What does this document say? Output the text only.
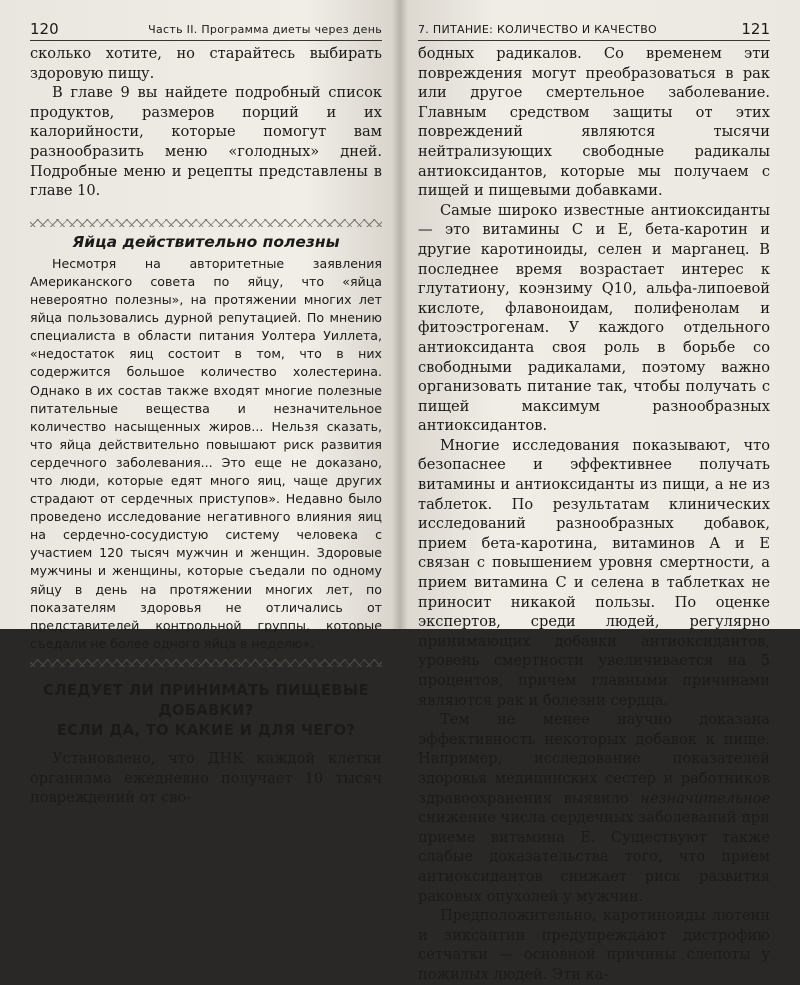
120	Часть II. Программа диеты через день

сколько хотите, но старайтесь выбирать здоровую пищу.

В главе 9 вы найдете подробный список продуктов, размеров порций и их калорийности, которые помогут вам разнообразить меню «голодных» дней. Подробные меню и рецепты представлены в главе 10.

Яйца действительно полезны

Несмотря на авторитетные заявления Американского совета по яйцу, что «яйца невероятно полезны», на протяжении многих лет яйца пользовались дурной репутацией. По мнению специалиста в области питания Уолтера Уиллета, «недостаток яиц состоит в том, что в них содержится большое количество холестерина. Однако в их состав также входят многие полезные питательные вещества и незначительное количество насыщенных жиров... Нельзя сказать, что яйца действительно повышают риск развития сердечного заболевания... Это еще не доказано, что люди, которые едят много яиц, чаще других страдают от сердечных приступов». Недавно было проведено исследование негативного влияния яиц на сердечно-сосудистую систему человека с участием 120 тысяч мужчин и женщин. Здоровые мужчины и женщины, которые съедали по одному яйцу в день на протяжении многих лет, по показателям здоровья не отличались от представителей контрольной группы, которые съедали не более одного яйца в неделю».

СЛЕДУЕТ ЛИ ПРИНИМАТЬ ПИЩЕВЫЕ ДОБАВКИ?
ЕСЛИ ДА, ТО КАКИЕ И ДЛЯ ЧЕГО?

Установлено, что ДНК каждой клетки организма ежедневно получает 10 тысяч повреждений от сво-

7. ПИТАНИЕ: КОЛИЧЕСТВО И КАЧЕСТВО	121

бодных радикалов. Со временем эти повреждения могут преобразоваться в рак или другое смертельное заболевание. Главным средством защиты от этих повреждений являются тысячи нейтрализующих свободные радикалы антиоксидантов, которые мы получаем с пищей и пищевыми добавками.

Самые широко известные антиоксиданты — это витамины C и E, бета-каротин и другие каротиноиды, селен и марганец. В последнее время возрастает интерес к глутатиону, коэнзиму Q10, альфа-липоевой кислоте, флавоноидам, полифенолам и фитоэстрогенам. У каждого отдельного антиоксиданта своя роль в борьбе со свободными радикалами, поэтому важно организовать питание так, чтобы получать с пищей максимум разнообразных антиоксидантов.

Многие исследования показывают, что безопаснее и эффективнее получать витамины и антиоксиданты из пищи, а не из таблеток. По результатам клинических исследований разнообразных добавок, прием бета-каротина, витаминов A и E связан с повышением уровня смертности, а прием витамина C и селена в таблетках не приносит никакой пользы. По оценке экспертов, среди людей, регулярно принимающих добавки антиоксидантов, уровень смертности увеличивается на 5 процентов, причем главными причинами являются рак и болезни сердца.

Тем не менее научно доказана эффективность некоторых добавок к пище. Например, исследование показателей здоровья медицинских сестер и работников здравоохранения выявило незначительное снижение числа сердечных заболеваний при приеме витамина E. Существуют также слабые доказательства того, что прием антиоксидантов снижает риск развития раковых опухолей у мужчин.

Предположительно, каротиноиды лютеин и зиксантин предупреждают дистрофию сетчатки — основной причины слепоты у пожилых людей. Эти ка-
